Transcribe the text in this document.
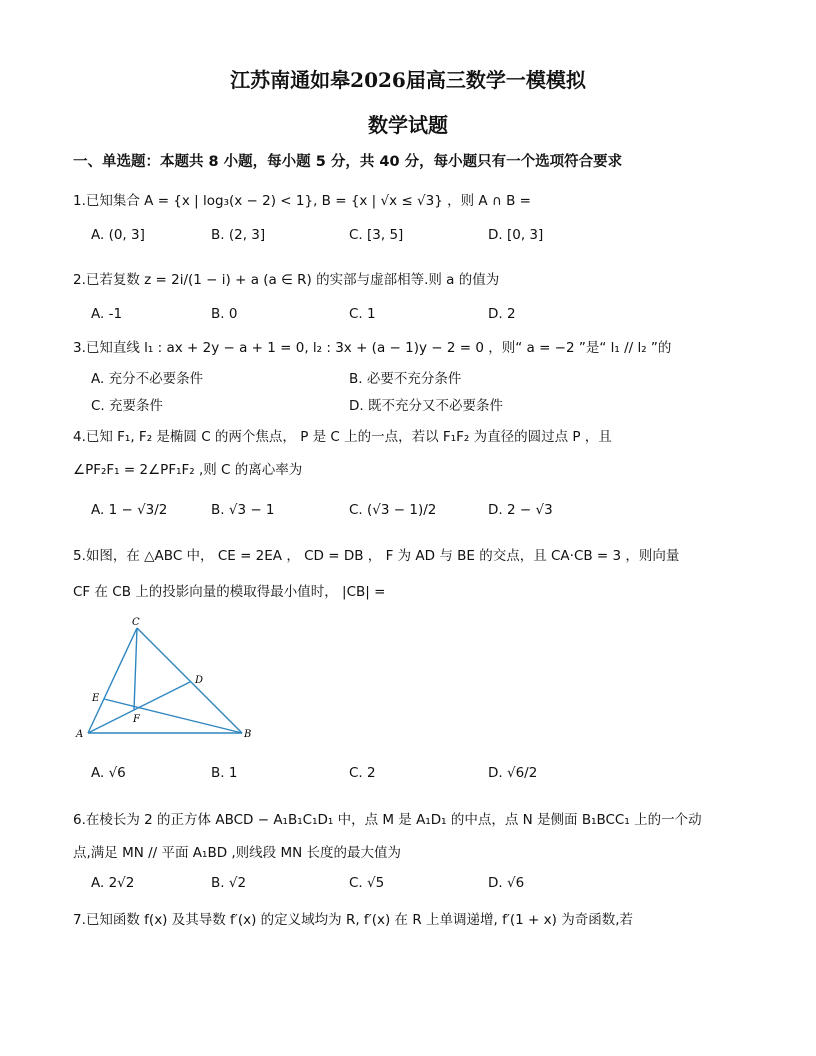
江苏南通如皋2026届高三数学一模模拟
数学试题
一、单选题：本题共 8 小题，每小题 5 分，共 40 分，每小题只有一个选项符合要求
1.已知集合 A = {x | log₃(x − 2) < 1}, B = {x | √x ≤ √3} ，则 A ∩ B =
A. (0, 3]	B. (2, 3]	C. [3, 5]	D. [0, 3]
2.已若复数 z = 2i/(1 − i) + a (a ∈ R) 的实部与虚部相等.则 a 的值为
A. -1	B. 0	C. 1	D. 2
3.已知直线 l₁ : ax + 2y − a + 1 = 0, l₂ : 3x + (a − 1)y − 2 = 0 ，则“ a = −2 ”是“ l₁ // l₂ ”的
A. 充分不必要条件	B. 必要不充分条件
C. 充要条件	D. 既不充分又不必要条件
4.已知 F₁, F₂ 是椭圆 C 的两个焦点， P 是 C 上的一点，若以 F₁F₂ 为直径的圆过点 P ，且
∠PF₂F₁ = 2∠PF₁F₂ ,则 C 的离心率为
A. 1 − √3/2	B. √3 − 1	C. (√3 − 1)/2	D. 2 − √3
5.如图，在 △ABC 中， CE = 2EA ， CD = DB ， F 为 AD 与 BE 的交点，且 CA·CB = 3 ，则向量
CF 在 CB 上的投影向量的模取得最小值时， |CB| =
C
A	B
D
E
F
A. √6	B. 1	C. 2	D. √6/2
6.在棱长为 2 的正方体 ABCD − A₁B₁C₁D₁ 中，点 M 是 A₁D₁ 的中点，点 N 是侧面 B₁BCC₁ 上的一个动
点,满足 MN // 平面 A₁BD ,则线段 MN 长度的最大值为
A. 2√2	B. √2	C. √5	D. √6
7.已知函数 f(x) 及其导数 f′(x) 的定义域均为 R, f′(x) 在 R 上单调递增, f′(1 + x) 为奇函数,若
